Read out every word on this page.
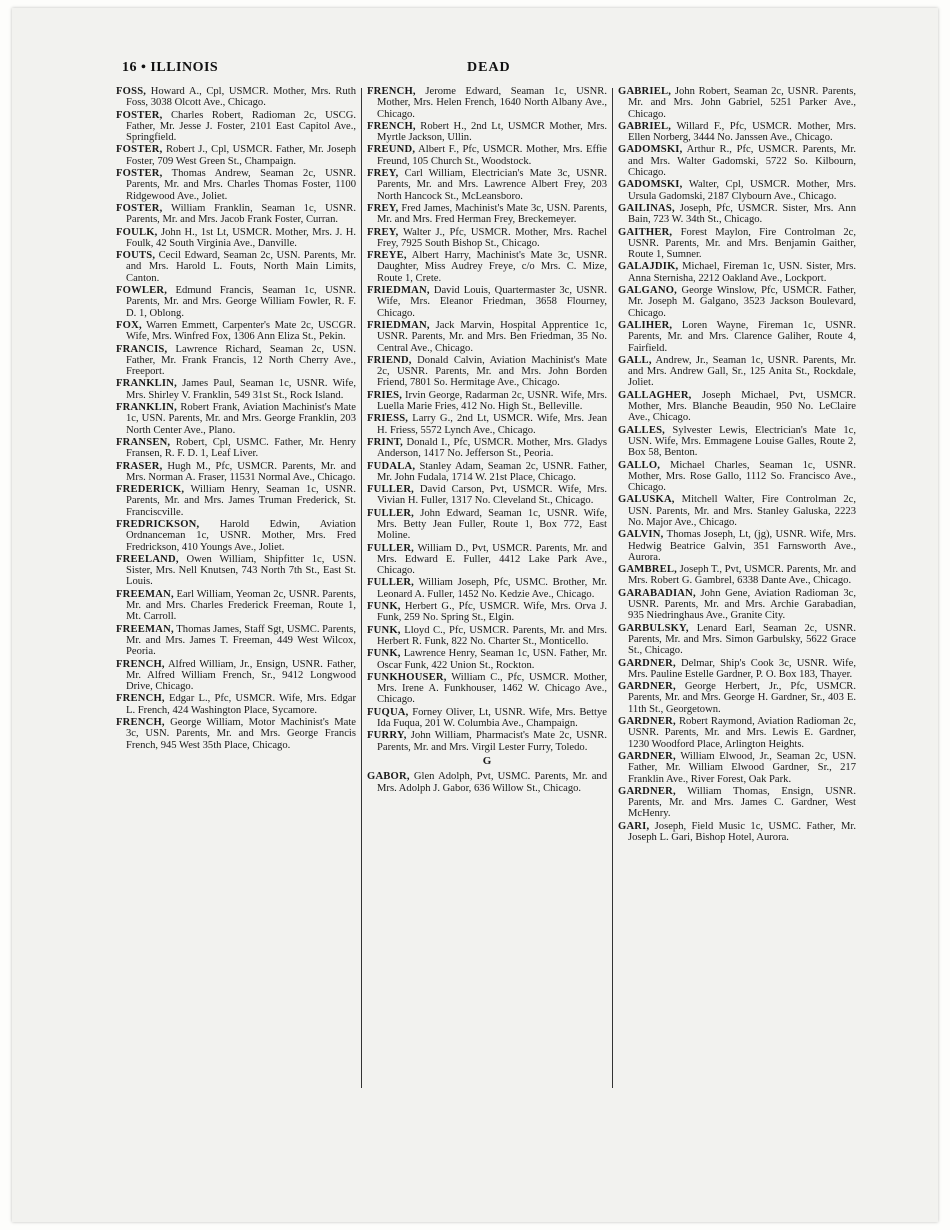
16 • ILLINOIS	DEAD

FOSS, Howard A., Cpl, USMCR. Mother, Mrs. Ruth Foss, 3038 Olcott Ave., Chicago.

FOSTER, Charles Robert, Radioman 2c, USCG. Father, Mr. Jesse J. Foster, 2101 East Capitol Ave., Springfield.

FOSTER, Robert J., Cpl, USMCR. Father, Mr. Joseph Foster, 709 West Green St., Champaign.

FOSTER, Thomas Andrew, Seaman 2c, USNR. Parents, Mr. and Mrs. Charles Thomas Foster, 1100 Ridgewood Ave., Joliet.

FOSTER, William Franklin, Seaman 1c, USNR. Parents, Mr. and Mrs. Jacob Frank Foster, Curran.

FOULK, John H., 1st Lt, USMCR. Mother, Mrs. J. H. Foulk, 42 South Virginia Ave., Danville.

FOUTS, Cecil Edward, Seaman 2c, USN. Parents, Mr. and Mrs. Harold L. Fouts, North Main Limits, Canton.

FOWLER, Edmund Francis, Seaman 1c, USNR. Parents, Mr. and Mrs. George William Fowler, R. F. D. 1, Oblong.

FOX, Warren Emmett, Carpenter's Mate 2c, USCGR. Wife, Mrs. Winfred Fox, 1306 Ann Eliza St., Pekin.

FRANCIS, Lawrence Richard, Seaman 2c, USN. Father, Mr. Frank Francis, 12 North Cherry Ave., Freeport.

FRANKLIN, James Paul, Seaman 1c, USNR. Wife, Mrs. Shirley V. Franklin, 549 31st St., Rock Island.

FRANKLIN, Robert Frank, Aviation Machinist's Mate 1c, USN. Parents, Mr. and Mrs. George Franklin, 203 North Center Ave., Plano.

FRANSEN, Robert, Cpl, USMC. Father, Mr. Henry Fransen, R. F. D. 1, Leaf Liver.

FRASER, Hugh M., Pfc, USMCR. Parents, Mr. and Mrs. Norman A. Fraser, 11531 Normal Ave., Chicago.

FREDERICK, William Henry, Seaman 1c, USNR. Parents, Mr. and Mrs. James Truman Frederick, St. Franciscville.

FREDRICKSON, Harold Edwin, Aviation Ordnanceman 1c, USNR. Mother, Mrs. Fred Fredrickson, 410 Youngs Ave., Joliet.

FREELAND, Owen William, Shipfitter 1c, USN. Sister, Mrs. Nell Knutsen, 743 North 7th St., East St. Louis.

FREEMAN, Earl William, Yeoman 2c, USNR. Parents, Mr. and Mrs. Charles Frederick Freeman, Route 1, Mt. Carroll.

FREEMAN, Thomas James, Staff Sgt, USMC. Parents, Mr. and Mrs. James T. Freeman, 449 West Wilcox, Peoria.

FRENCH, Alfred William, Jr., Ensign, USNR. Father, Mr. Alfred William French, Sr., 9412 Longwood Drive, Chicago.

FRENCH, Edgar L., Pfc, USMCR. Wife, Mrs. Edgar L. French, 424 Washington Place, Sycamore.

FRENCH, George William, Motor Machinist's Mate 3c, USN. Parents, Mr. and Mrs. George Francis French, 945 West 35th Place, Chicago.

FRENCH, Jerome Edward, Seaman 1c, USNR. Mother, Mrs. Helen French, 1640 North Albany Ave., Chicago.

FRENCH, Robert H., 2nd Lt, USMCR Mother, Mrs. Myrtle Jackson, Ullin.

FREUND, Albert F., Pfc, USMCR. Mother, Mrs. Effie Freund, 105 Church St., Woodstock.

FREY, Carl William, Electrician's Mate 3c, USNR. Parents, Mr. and Mrs. Lawrence Albert Frey, 203 North Hancock St., McLeansboro.

FREY, Fred James, Machinist's Mate 3c, USN. Parents, Mr. and Mrs. Fred Herman Frey, Breckemeyer.

FREY, Walter J., Pfc, USMCR. Mother, Mrs. Rachel Frey, 7925 South Bishop St., Chicago.

FREYE, Albert Harry, Machinist's Mate 3c, USNR. Daughter, Miss Audrey Freye, c/o Mrs. C. Mize, Route 1, Crete.

FRIEDMAN, David Louis, Quartermaster 3c, USNR. Wife, Mrs. Eleanor Friedman, 3658 Flourney, Chicago.

FRIEDMAN, Jack Marvin, Hospital Apprentice 1c, USNR. Parents, Mr. and Mrs. Ben Friedman, 35 No. Central Ave., Chicago.

FRIEND, Donald Calvin, Aviation Machinist's Mate 2c, USNR. Parents, Mr. and Mrs. John Borden Friend, 7801 So. Hermitage Ave., Chicago.

FRIES, Irvin George, Radarman 2c, USNR. Wife, Mrs. Luella Marie Fries, 412 No. High St., Belleville.

FRIESS, Larry G., 2nd Lt, USMCR. Wife, Mrs. Jean H. Friess, 5572 Lynch Ave., Chicago.

FRINT, Donald I., Pfc, USMCR. Mother, Mrs. Gladys Anderson, 1417 No. Jefferson St., Peoria.

FUDALA, Stanley Adam, Seaman 2c, USNR. Father, Mr. John Fudala, 1714 W. 21st Place, Chicago.

FULLER, David Carson, Pvt, USMCR. Wife, Mrs. Vivian H. Fuller, 1317 No. Cleveland St., Chicago.

FULLER, John Edward, Seaman 1c, USNR. Wife, Mrs. Betty Jean Fuller, Route 1, Box 772, East Moline.

FULLER, William D., Pvt, USMCR. Parents, Mr. and Mrs. Edward E. Fuller, 4412 Lake Park Ave., Chicago.

FULLER, William Joseph, Pfc, USMC. Brother, Mr. Leonard A. Fuller, 1452 No. Kedzie Ave., Chicago.

FUNK, Herbert G., Pfc, USMCR. Wife, Mrs. Orva J. Funk, 259 No. Spring St., Elgin.

FUNK, Lloyd C., Pfc, USMCR. Parents, Mr. and Mrs. Herbert R. Funk, 822 No. Charter St., Monticello.

FUNK, Lawrence Henry, Seaman 1c, USN. Father, Mr. Oscar Funk, 422 Union St., Rockton.

FUNKHOUSER, William C., Pfc, USMCR. Mother, Mrs. Irene A. Funkhouser, 1462 W. Chicago Ave., Chicago.

FUQUA, Forney Oliver, Lt, USNR. Wife, Mrs. Bettye Ida Fuqua, 201 W. Columbia Ave., Champaign.

FURRY, John William, Pharmacist's Mate 2c, USNR. Parents, Mr. and Mrs. Virgil Lester Furry, Toledo.

G

GABOR, Glen Adolph, Pvt, USMC. Parents, Mr. and Mrs. Adolph J. Gabor, 636 Willow St., Chicago.

GABRIEL, John Robert, Seaman 2c, USNR. Parents, Mr. and Mrs. John Gabriel, 5251 Parker Ave., Chicago.

GABRIEL, Willard F., Pfc, USMCR. Mother, Mrs. Ellen Norberg, 3444 No. Janssen Ave., Chicago.

GADOMSKI, Arthur R., Pfc, USMCR. Parents, Mr. and Mrs. Walter Gadomski, 5722 So. Kilbourn, Chicago.

GADOMSKI, Walter, Cpl, USMCR. Mother, Mrs. Ursula Gadomski, 2187 Clybourn Ave., Chicago.

GAILINAS, Joseph, Pfc, USMCR. Sister, Mrs. Ann Bain, 723 W. 34th St., Chicago.

GAITHER, Forest Maylon, Fire Controlman 2c, USNR. Parents, Mr. and Mrs. Benjamin Gaither, Route 1, Sumner.

GALAJDIK, Michael, Fireman 1c, USN. Sister, Mrs. Anna Sternisha, 2212 Oakland Ave., Lockport.

GALGANO, George Winslow, Pfc, USMCR. Father, Mr. Joseph M. Galgano, 3523 Jackson Boulevard, Chicago.

GALIHER, Loren Wayne, Fireman 1c, USNR. Parents, Mr. and Mrs. Clarence Galiher, Route 4, Fairfield.

GALL, Andrew, Jr., Seaman 1c, USNR. Parents, Mr. and Mrs. Andrew Gall, Sr., 125 Anita St., Rockdale, Joliet.

GALLAGHER, Joseph Michael, Pvt, USMCR. Mother, Mrs. Blanche Beaudin, 950 No. LeClaire Ave., Chicago.

GALLES, Sylvester Lewis, Electrician's Mate 1c, USN. Wife, Mrs. Emmagene Louise Galles, Route 2, Box 58, Benton.

GALLO, Michael Charles, Seaman 1c, USNR. Mother, Mrs. Rose Gallo, 1112 So. Francisco Ave., Chicago.

GALUSKA, Mitchell Walter, Fire Controlman 2c, USN. Parents, Mr. and Mrs. Stanley Galuska, 2223 No. Major Ave., Chicago.

GALVIN, Thomas Joseph, Lt, (jg), USNR. Wife, Mrs. Hedwig Beatrice Galvin, 351 Farnsworth Ave., Aurora.

GAMBREL, Joseph T., Pvt, USMCR. Parents, Mr. and Mrs. Robert G. Gambrel, 6338 Dante Ave., Chicago.

GARABADIAN, John Gene, Aviation Radioman 3c, USNR. Parents, Mr. and Mrs. Archie Garabadian, 935 Niedringhaus Ave., Granite City.

GARBULSKY, Lenard Earl, Seaman 2c, USNR. Parents, Mr. and Mrs. Simon Garbulsky, 5622 Grace St., Chicago.

GARDNER, Delmar, Ship's Cook 3c, USNR. Wife, Mrs. Pauline Estelle Gardner, P. O. Box 183, Thayer.

GARDNER, George Herbert, Jr., Pfc, USMCR. Parents, Mr. and Mrs. George H. Gardner, Sr., 403 E. 11th St., Georgetown.

GARDNER, Robert Raymond, Aviation Radioman 2c, USNR. Parents, Mr. and Mrs. Lewis E. Gardner, 1230 Woodford Place, Arlington Heights.

GARDNER, William Elwood, Jr., Seaman 2c, USN. Father, Mr. William Elwood Gardner, Sr., 217 Franklin Ave., River Forest, Oak Park.

GARDNER, William Thomas, Ensign, USNR. Parents, Mr. and Mrs. James C. Gardner, West McHenry.

GARI, Joseph, Field Music 1c, USMC. Father, Mr. Joseph L. Gari, Bishop Hotel, Aurora.
